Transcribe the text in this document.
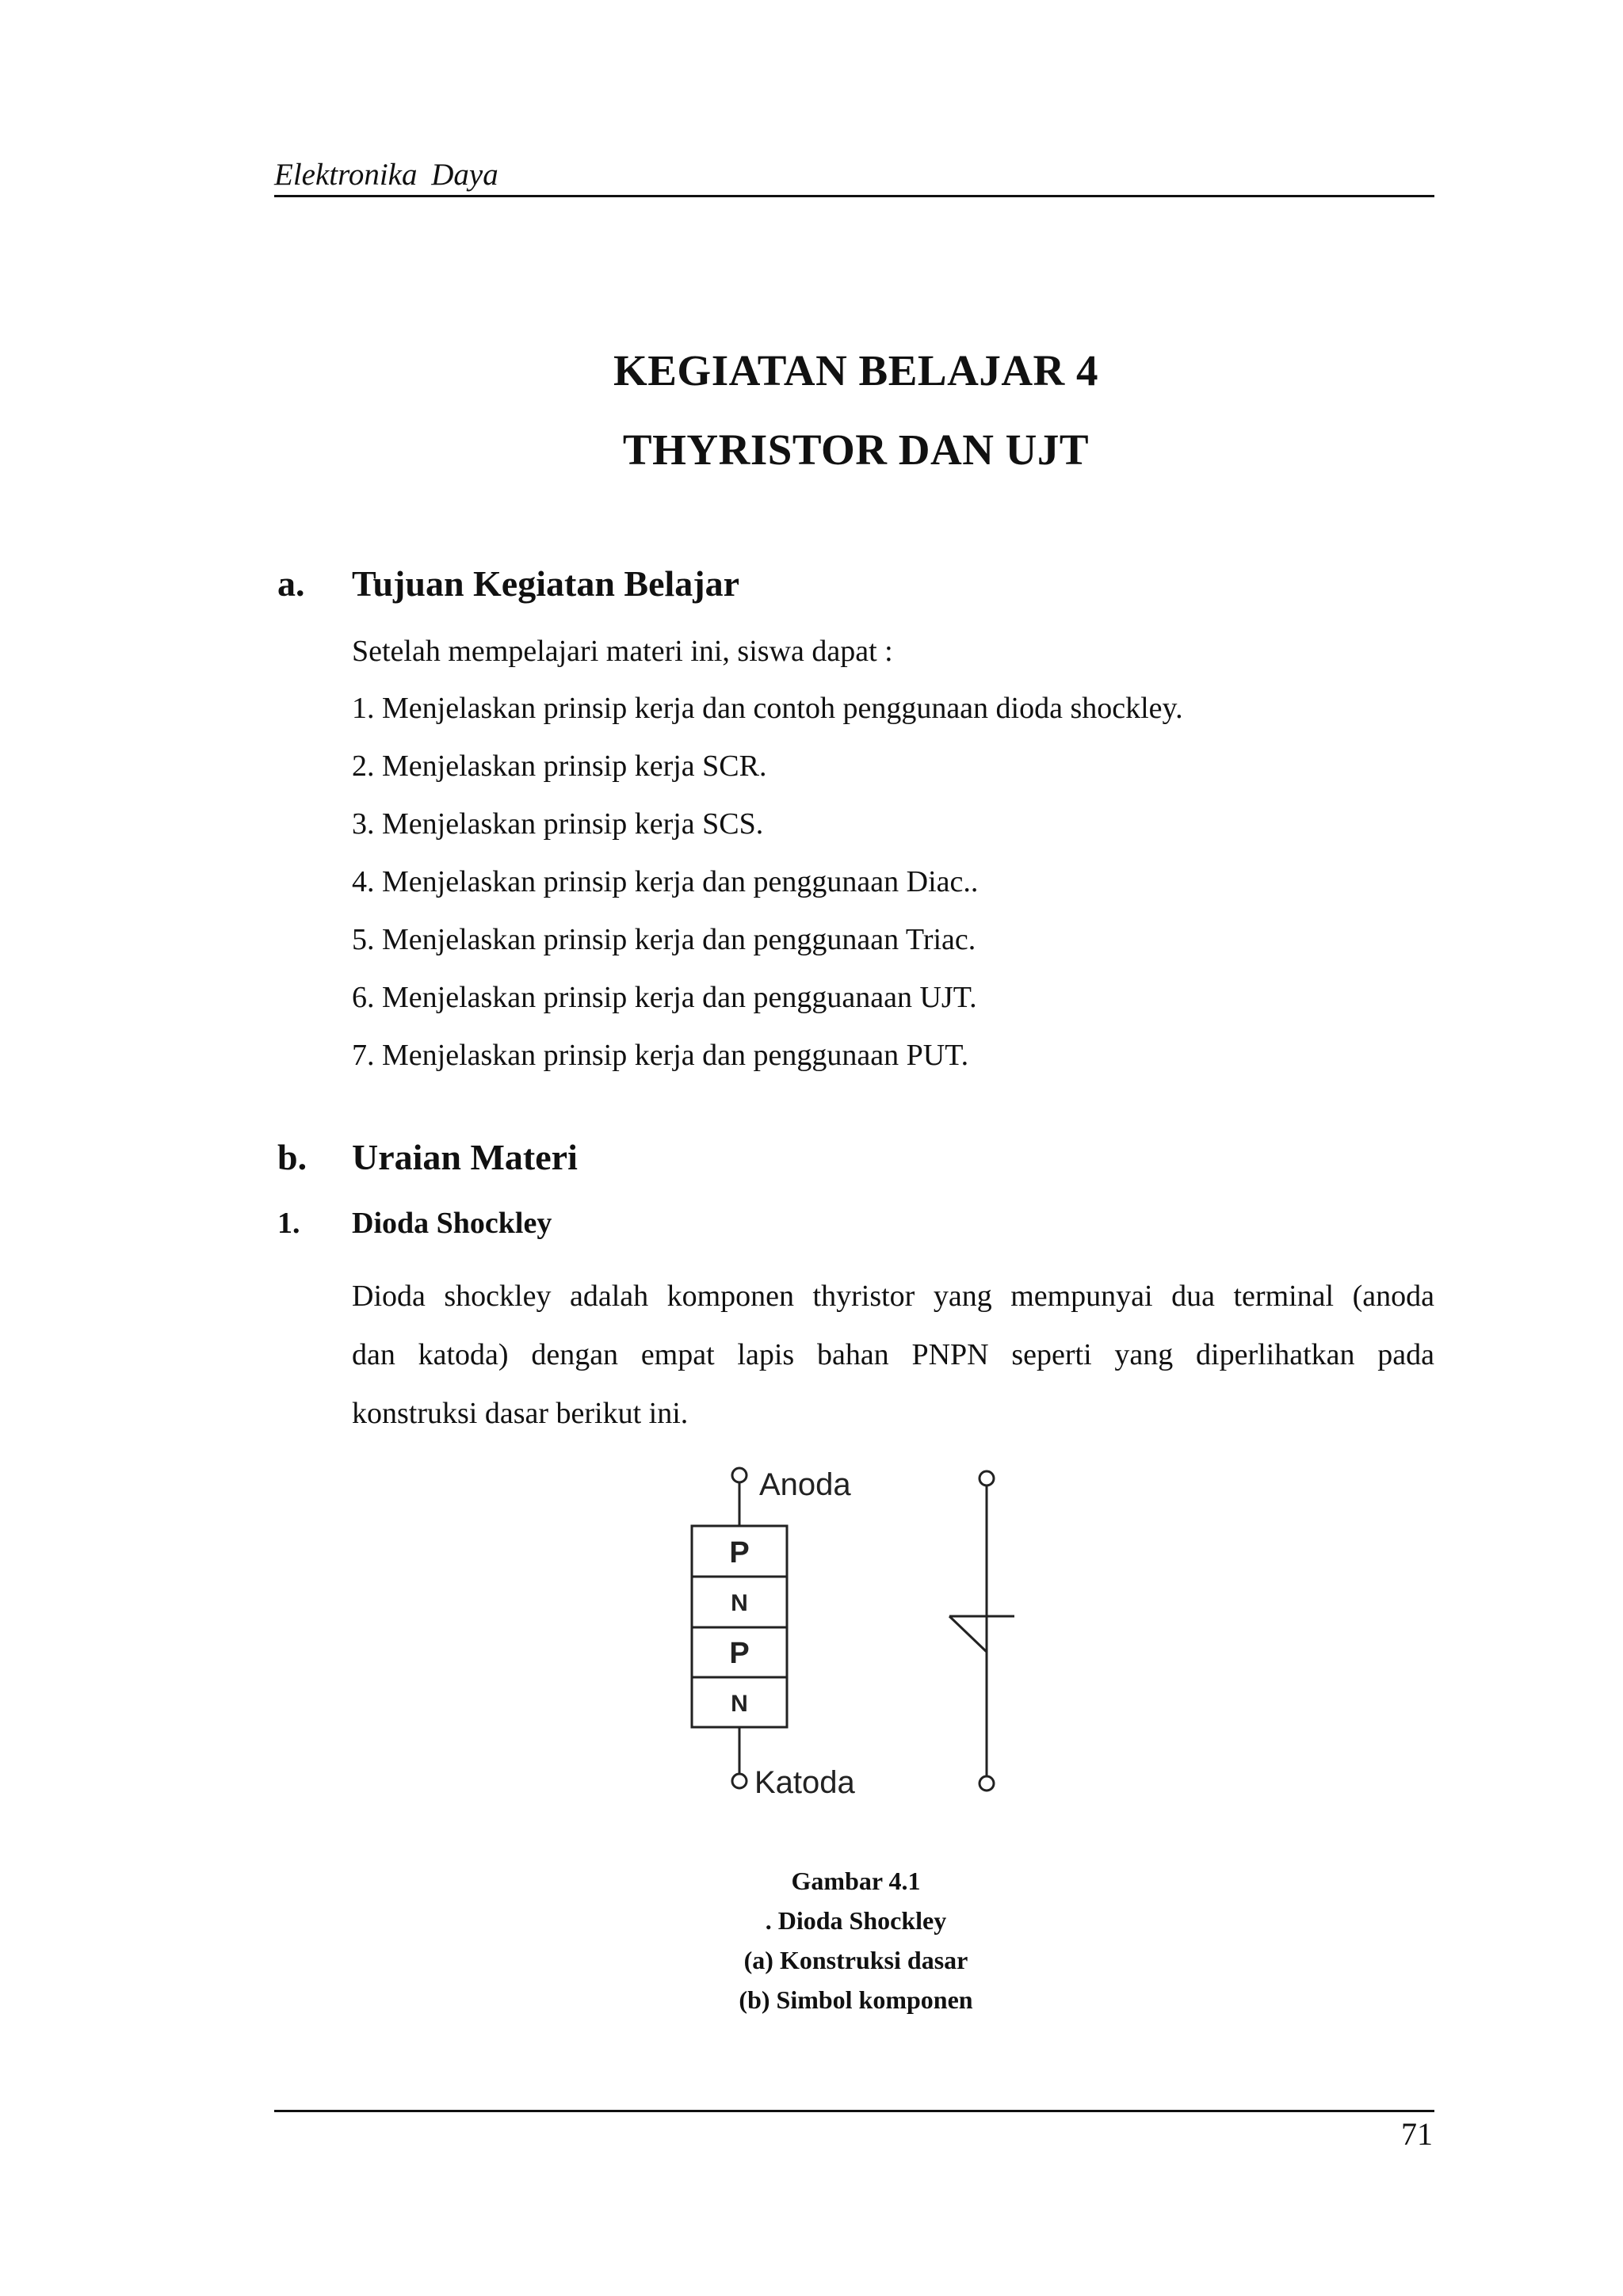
Elektronika Daya
KEGIATAN BELAJAR 4
THYRISTOR DAN UJT
a. Tujuan Kegiatan Belajar
Setelah mempelajari materi ini, siswa dapat :
1. Menjelaskan prinsip kerja dan contoh penggunaan dioda shockley.
2. Menjelaskan prinsip kerja SCR.
3. Menjelaskan prinsip kerja SCS.
4. Menjelaskan prinsip kerja dan penggunaan Diac..
5. Menjelaskan prinsip kerja dan penggunaan Triac.
6. Menjelaskan prinsip kerja dan pengguanaan UJT.
7. Menjelaskan prinsip kerja dan penggunaan PUT.
b. Uraian Materi
1. Dioda Shockley
Dioda shockley adalah komponen thyristor yang mempunyai dua terminal (anoda
dan katoda) dengan empat lapis bahan PNPN seperti yang diperlihatkan pada
konstruksi dasar berikut ini.
Anoda
Katoda
P
N
P
N
Gambar 4.1
. Dioda Shockley
(a) Konstruksi dasar
(b) Simbol komponen
71
